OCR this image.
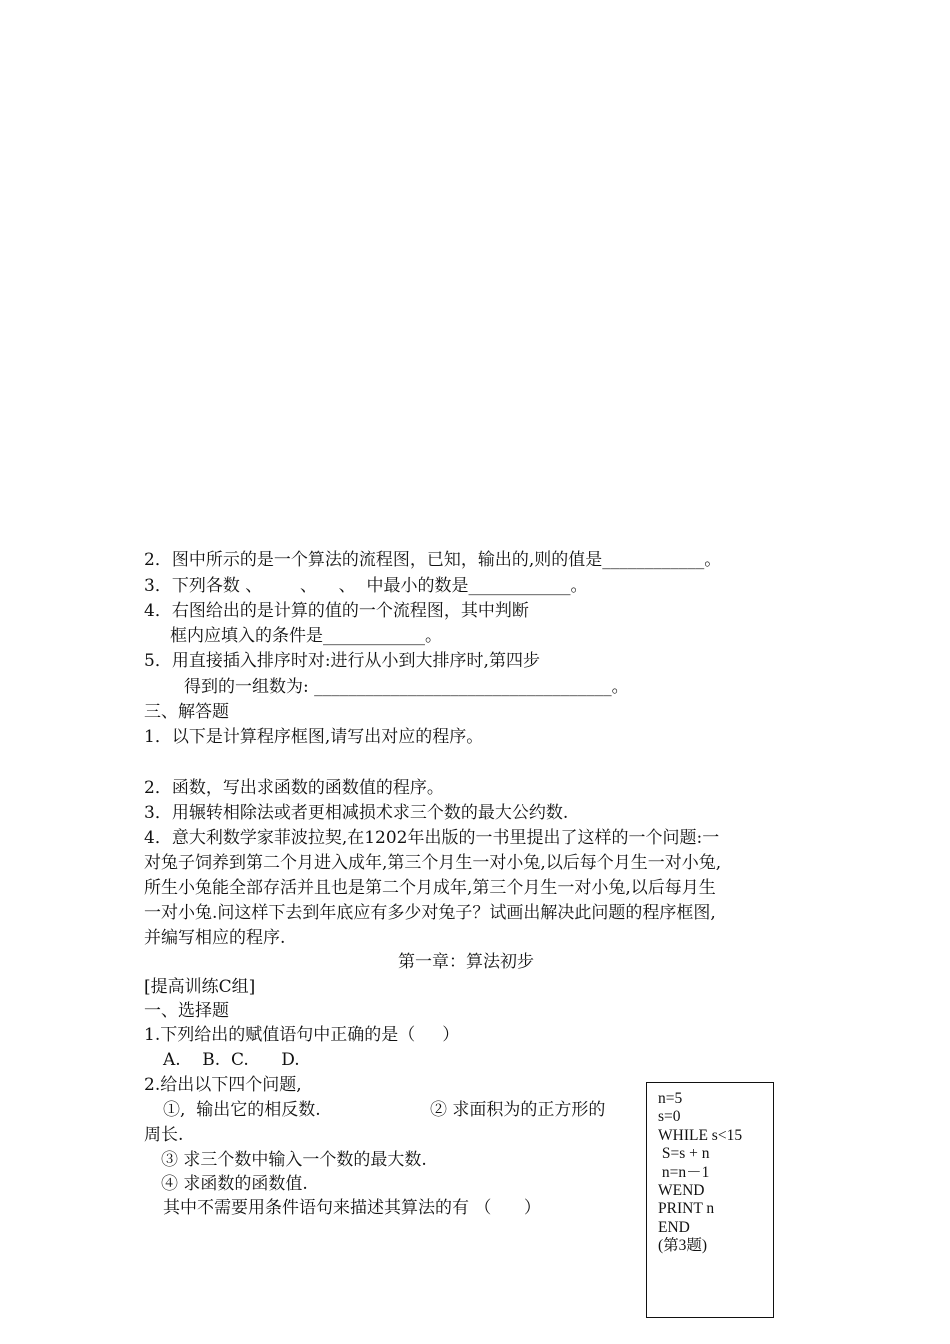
2．图中所示的是一个算法的流程图，已知，输出的,则的值是____________。
3．下列各数 、       、    、  中最小的数是____________。
4．右图给出的是计算的值的一个流程图，其中判断
框内应填入的条件是____________。
5．用直接插入排序时对:进行从小到大排序时,第四步
得到的一组数为: ___________________________________。
三、解答题
1．以下是计算程序框图,请写出对应的程序。
2．函数，写出求函数的函数值的程序。
3．用辗转相除法或者更相减损术求三个数的最大公约数.
4．意大利数学家菲波拉契,在1202年出版的一书里提出了这样的一个问题:一
对兔子饲养到第二个月进入成年,第三个月生一对小兔,以后每个月生一对小兔,
所生小兔能全部存活并且也是第二个月成年,第三个月生一对小兔,以后每月生
一对小兔.问这样下去到年底应有多少对兔子？试画出解决此问题的程序框图,
并编写相应的程序.
第一章：算法初步
[提高训练C组]
一、选择题
1.下列给出的赋值语句中正确的是（     ）
A.    B.  C.      D.
2.给出以下四个问题,
①,  输出它的相反数.	② 求面积为的正方形的
周长.
③ 求三个数中输入一个数的最大数.
④ 求函数的函数值.
其中不需要用条件语句来描述其算法的有 （      ）
n=5
s=0
WHILE s<15
S=s + n
n=n－1
WEND
PRINT n
END
(第3题)
